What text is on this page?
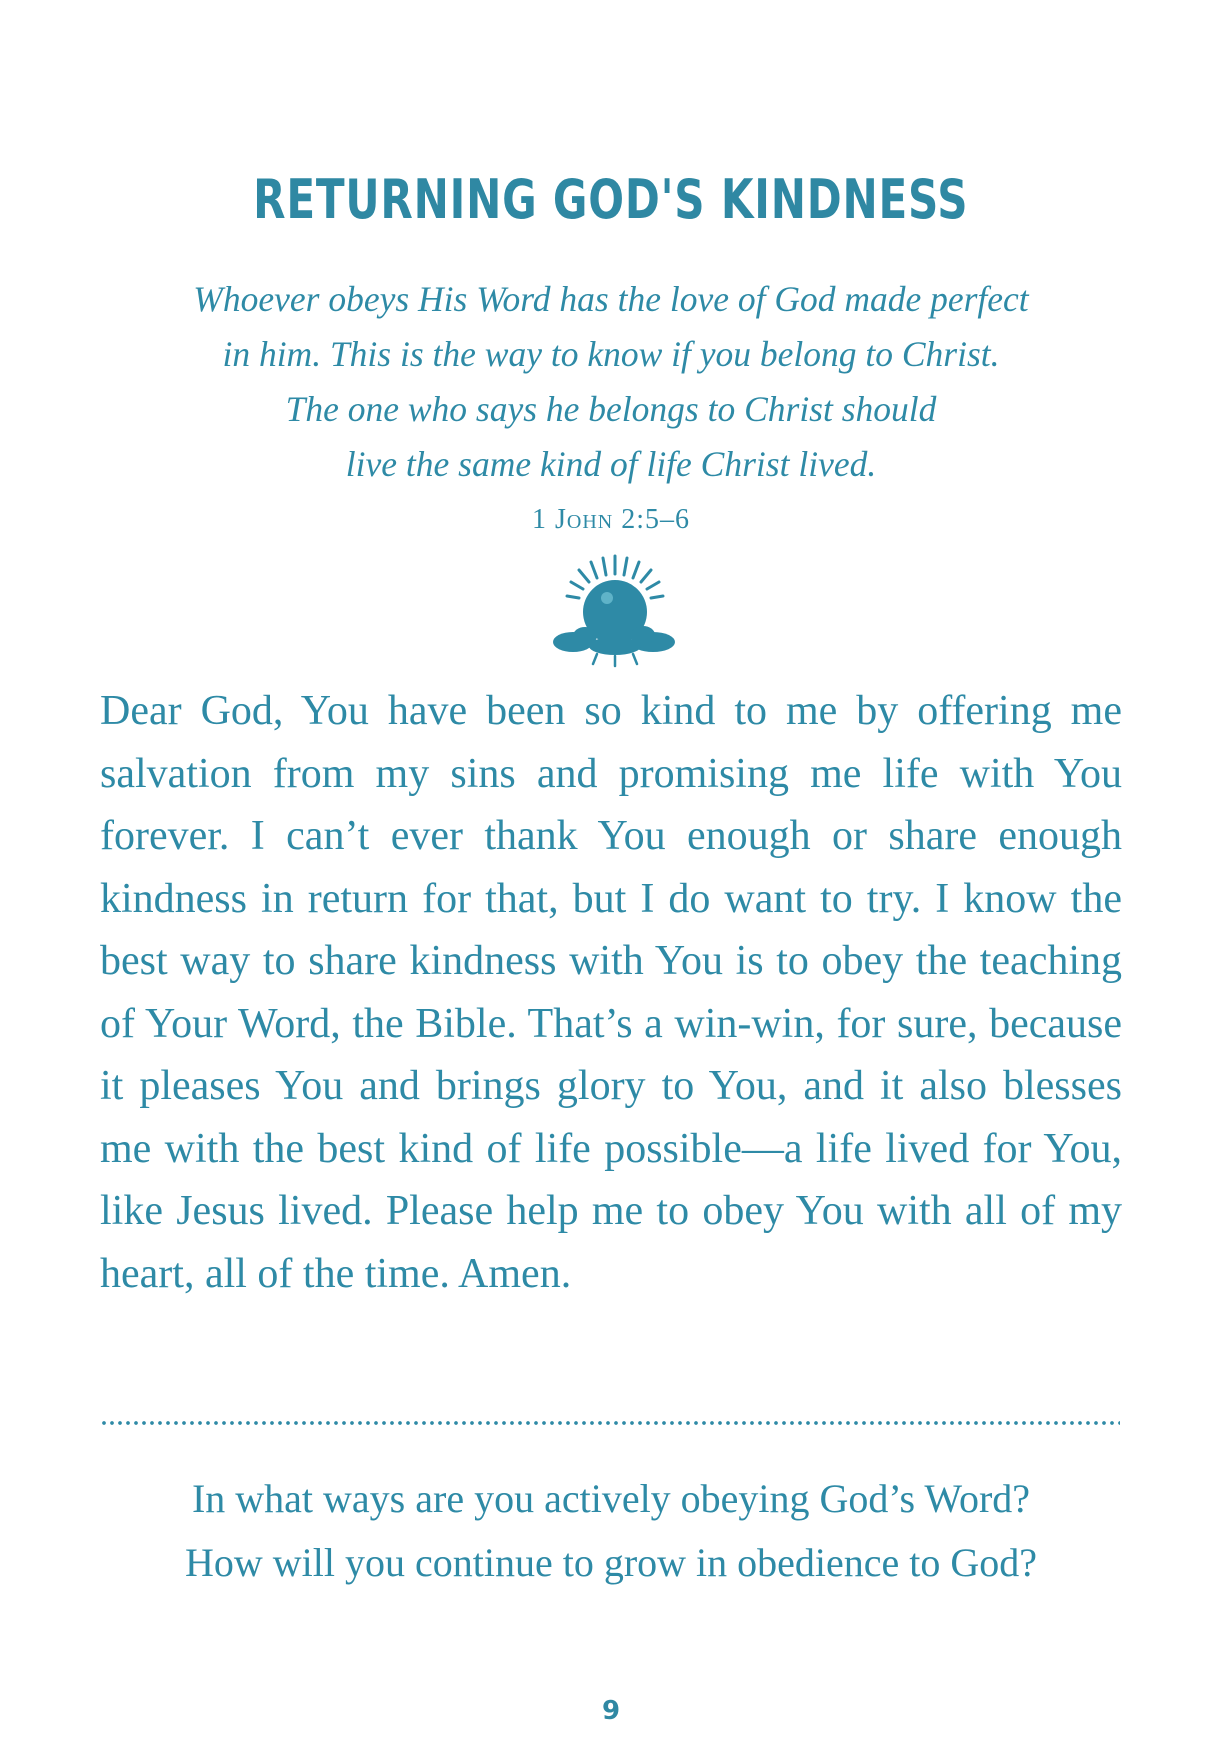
RETURNING GOD'S KINDNESS
Whoever obeys His Word has the love of God made perfect
in him. This is the way to know if you belong to Christ.
The one who says he belongs to Christ should
live the same kind of life Christ lived.
1 John 2:5–6
Dear God, You have been so kind to me by offering me salvation from my sins and promising me life with You forever. I can’t ever thank You enough or share enough kindness in return for that, but I do want to try. I know the best way to share kindness with You is to obey the teaching of Your Word, the Bible. That’s a win-win, for sure, because it pleases You and brings glory to You, and it also blesses me with the best kind of life possible—a life lived for You, like Jesus lived. Please help me to obey You with all of my heart, all of the time. Amen.
In what ways are you actively obeying God’s Word?
How will you continue to grow in obedience to God?
9
